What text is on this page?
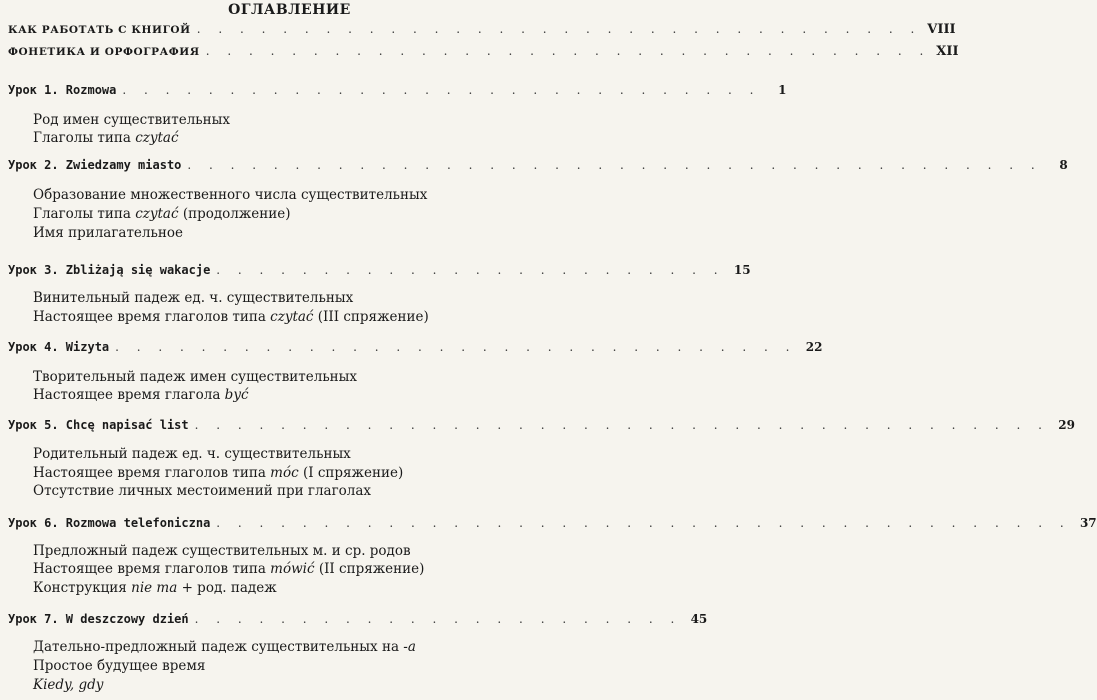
ОГЛАВЛЕНИЕ
КАК РАБОТАТЬ С КНИГОЙ . . . . . . . . . . . . . . . . . . . . . . . . . . . . . . . . . . VIII
ФОНЕТИКА И ОРФОГРАФИЯ . . . . . . . . . . . . . . . . . . . . . . . . . . . . . . . . . . XII
Урок 1. Rozmowa . . . . . . . . . . . . . . . . . . . . . . . . . . . . . .	1
Род имен существительных
Глаголы типа czytać
Урок 2. Zwiedzamy miasto . . . . . . . . . . . . . . . . . . . . . . . . . . . . . . . . . . . . . . . .	8
Образование множественного числа существительных
Глаголы типа czytać (продолжение)
Имя прилагательное
Урок 3. Zbliżają się wakacje . . . . . . . . . . . . . . . . . . . . . . . . 15
Винительный падеж ед. ч. существительных
Настоящее время глаголов типа czytać (III спряжение)
Урок 4. Wizyta . . . . . . . . . . . . . . . . . . . . . . . . . . . . . . . . 22
Творительный падеж имен существительных
Настоящее время глагола być
Урок 5. Chcę napisać list . . . . . . . . . . . . . . . . . . . . . . . . . . . . . . . . . . . . . . . . 29
Родительный падеж ед. ч. существительных
Настоящее время глаголов типа móc (I спряжение)
Отсутствие личных местоимений при глаголах
Урок 6. Rozmowa telefoniczna . . . . . . . . . . . . . . . . . . . . . . . . . . . . . . . . . . . . . . . . 37
Предложный падеж существительных м. и ср. родов
Настоящее время глаголов типа mówić (II спряжение)
Конструкция nie ma + род. падеж
Урок 7. W deszczowy dzień . . . . . . . . . . . . . . . . . . . . . . . 45
Дательно-предложный падеж существительных на -a
Простое будущее время
Kiedy, gdy
